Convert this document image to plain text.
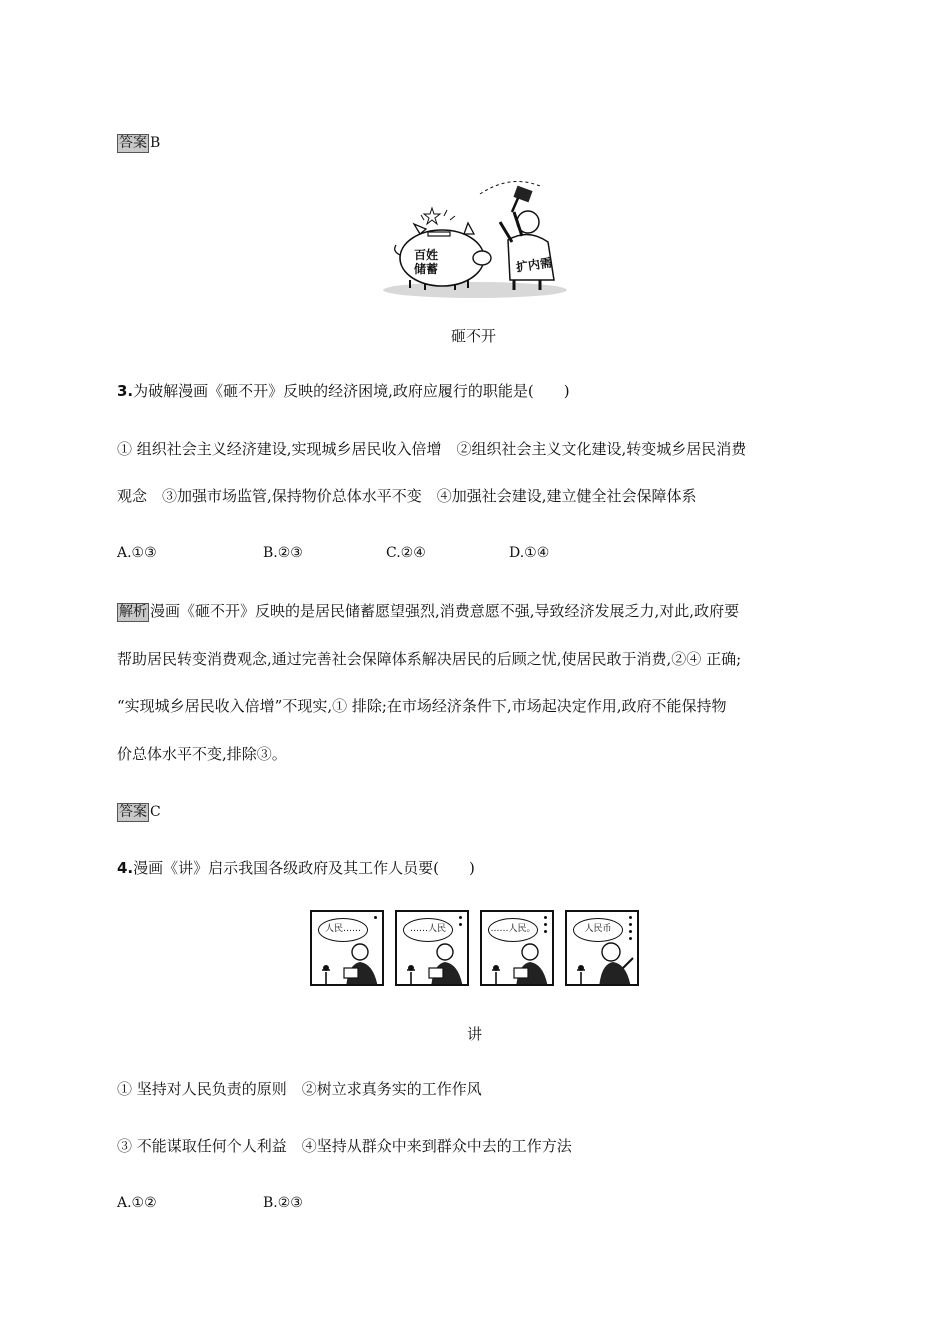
答案 B
百姓
储蓄	扩内需
砸不开
3.为破解漫画《砸不开》反映的经济困境,政府应履行的职能是(　　)
① 组织社会主义经济建设,实现城乡居民收入倍增　②组织社会主义文化建设,转变城乡居民消费
观念　③加强市场监管,保持物价总体水平不变　④加强社会建设,建立健全社会保障体系
A.①③	B.②③	C.②④	D.①④
解析 漫画《砸不开》反映的是居民储蓄愿望强烈,消费意愿不强,导致经济发展乏力,对此,政府要
帮助居民转变消费观念,通过完善社会保障体系解决居民的后顾之忧,使居民敢于消费,②④ 正确;
“实现城乡居民收入倍增”不现实,① 排除;在市场经济条件下,市场起决定作用,政府不能保持物
价总体水平不变,排除③。
答案 C
4.漫画《讲》启示我国各级政府及其工作人员要(　　)
人民……	……人民	……人民。	人民币
讲
① 坚持对人民负责的原则　②树立求真务实的工作作风
③ 不能谋取任何个人利益　④坚持从群众中来到群众中去的工作方法
A.①②	B.②③
